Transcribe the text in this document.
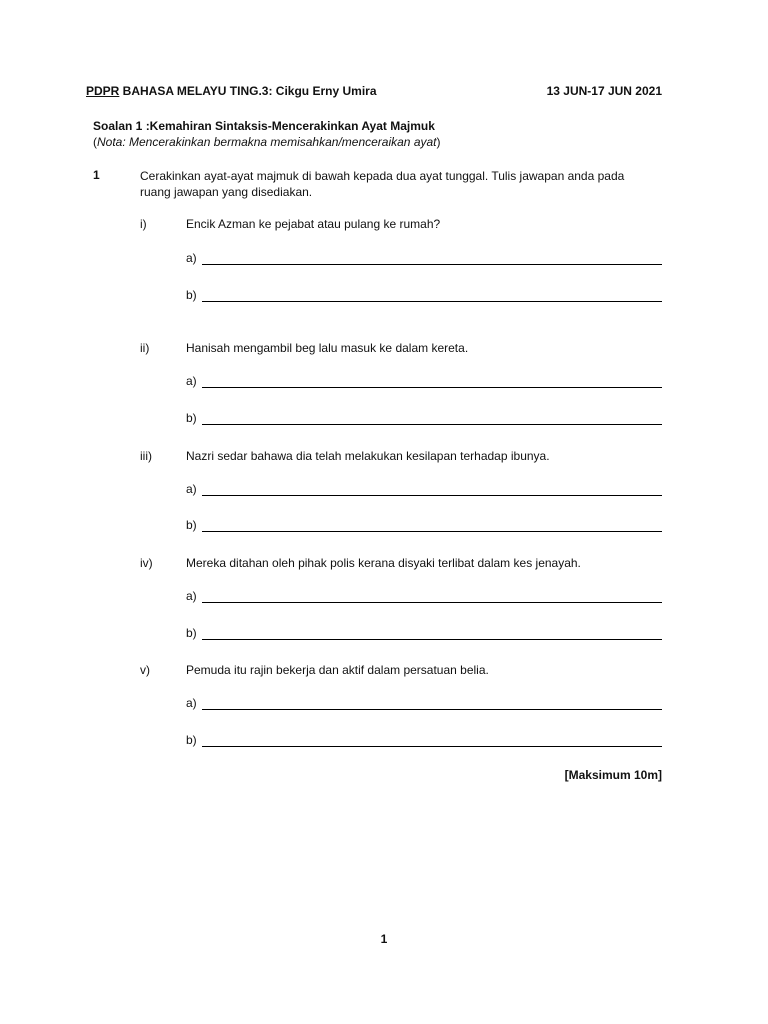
PDPR BAHASA MELAYU TING.3: Cikgu Erny Umira	13 JUN-17 JUN 2021
Soalan 1 :Kemahiran Sintaksis-Mencerakinkan Ayat Majmuk
(Nota: Mencerakinkan bermakna memisahkan/menceraikan ayat)
1	Cerakinkan ayat-ayat majmuk di bawah kepada dua ayat tunggal. Tulis jawapan anda pada ruang jawapan yang disediakan.
i)	Encik Azman ke pejabat atau pulang ke rumah?
a)
b)
ii)	Hanisah mengambil beg lalu masuk ke dalam kereta.
a)
b)
iii)	Nazri sedar bahawa dia telah melakukan kesilapan terhadap ibunya.
a)
b)
iv)	Mereka ditahan oleh pihak polis kerana disyaki terlibat dalam kes jenayah.
a)
b)
v)	Pemuda itu rajin bekerja dan aktif dalam persatuan belia.
a)
b)
[Maksimum 10m]
1
